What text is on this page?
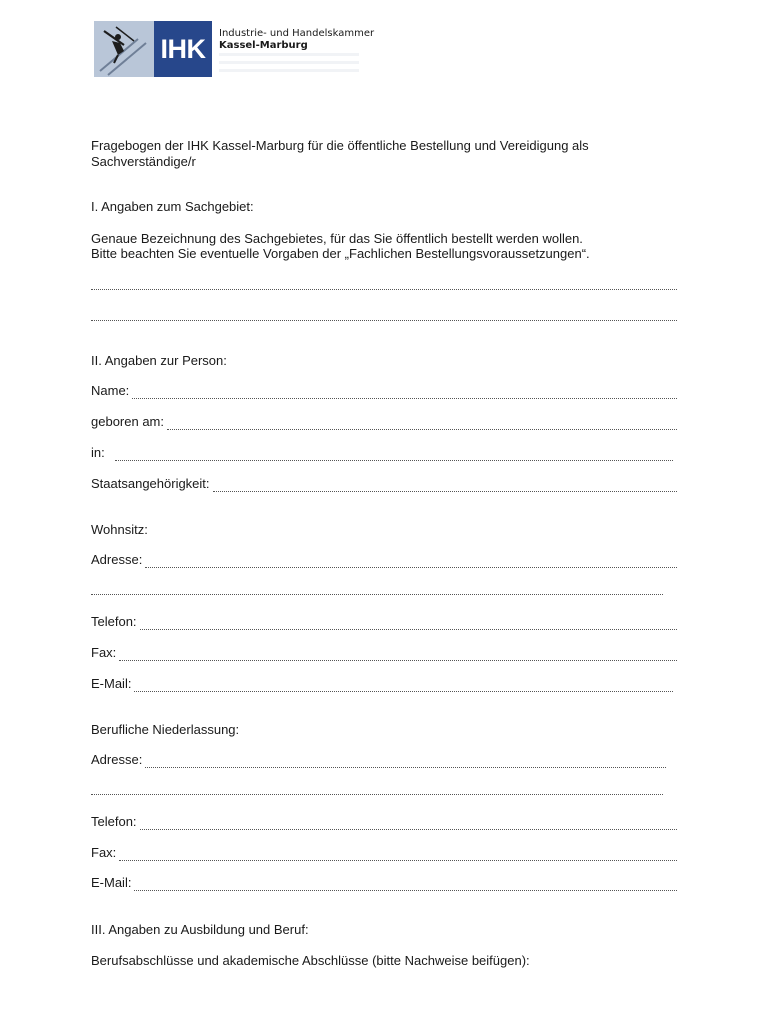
IHK
Industrie- und Handelskammer
Kassel-Marburg
Fragebogen der IHK Kassel-Marburg für die öffentliche Bestellung und Vereidigung als
Sachverständige/r
I. Angaben zum Sachgebiet:
Genaue Bezeichnung des Sachgebietes, für das Sie öffentlich bestellt werden wollen.
Bitte beachten Sie eventuelle Vorgaben der „Fachlichen Bestellungsvoraussetzungen“.
II. Angaben zur Person:
Name:
geboren am:
in:
Staatsangehörigkeit:
Wohnsitz:
Adresse:
Telefon:
Fax:
E-Mail:
Berufliche Niederlassung:
Adresse:
Telefon:
Fax:
E-Mail:
III. Angaben zu Ausbildung und Beruf:
Berufsabschlüsse und akademische Abschlüsse (bitte Nachweise beifügen):
